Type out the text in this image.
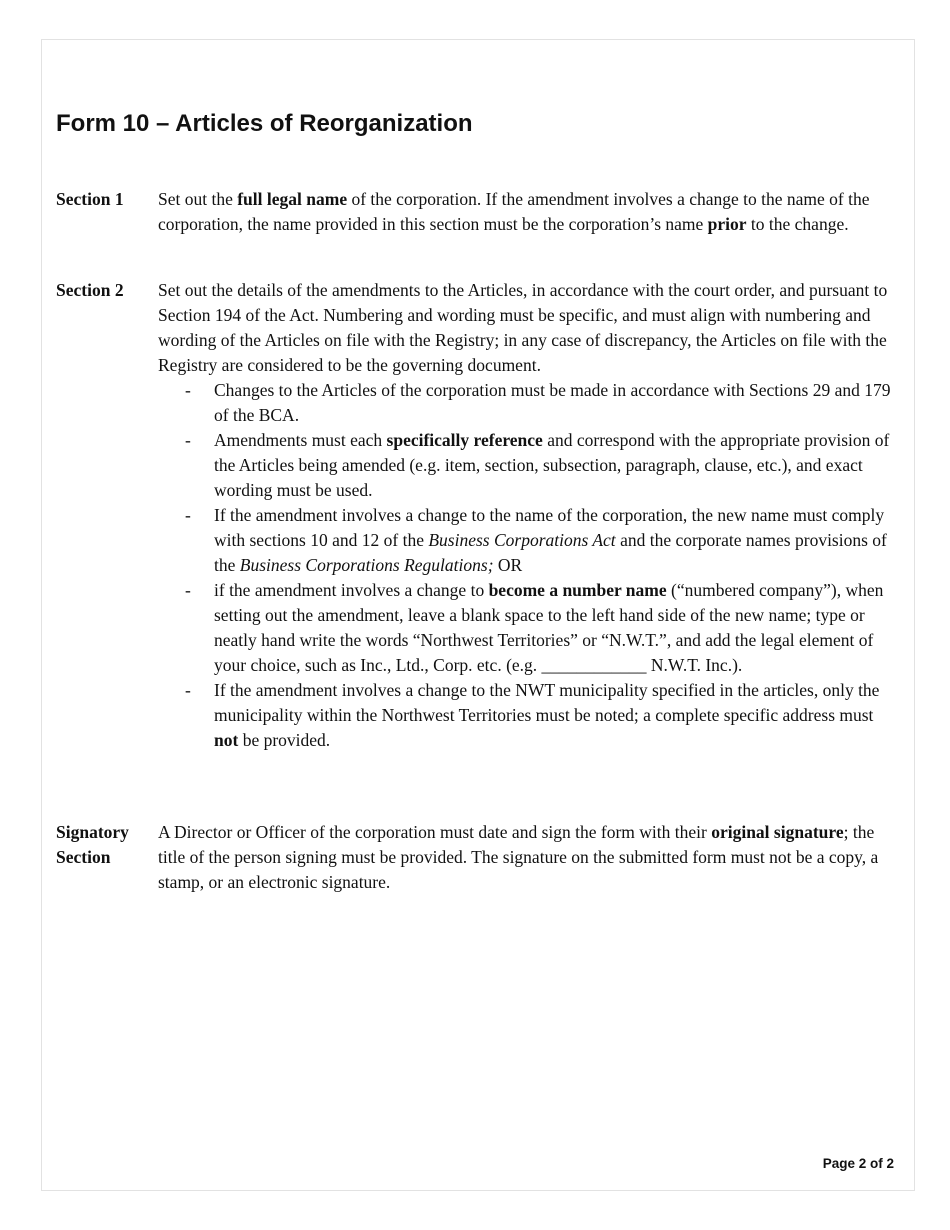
Form 10 – Articles of Reorganization
Section 1	Set out the full legal name of the corporation. If the amendment involves a change to the name of the corporation, the name provided in this section must be the corporation’s name prior to the change.

Section 2	Set out the details of the amendments to the Articles, in accordance with the court order, and pursuant to Section 194 of the Act. Numbering and wording must be specific, and must align with numbering and wording of the Articles on file with the Registry; in any case of discrepancy, the Articles on file with the Registry are considered to be the governing document.

- Changes to the Articles of the corporation must be made in accordance with Sections 29 and 179 of the BCA.
- Amendments must each specifically reference and correspond with the appropriate provision of the Articles being amended (e.g. item, section, subsection, paragraph, clause, etc.), and exact wording must be used.
- If the amendment involves a change to the name of the corporation, the new name must comply with sections 10 and 12 of the Business Corporations Act and the corporate names provisions of the Business Corporations Regulations; OR
- if the amendment involves a change to become a number name (“numbered company”), when setting out the amendment, leave a blank space to the left hand side of the new name; type or neatly hand write the words “Northwest Territories” or “N.W.T.”, and add the legal element of your choice, such as Inc., Ltd., Corp. etc. (e.g. ____________ N.W.T. Inc.).
- If the amendment involves a change to the NWT municipality specified in the articles, only the municipality within the Northwest Territories must be noted; a complete specific address must not be provided.
Signatory
Section

A Director or Officer of the corporation must date and sign the form with their original signature; the title of the person signing must be provided. The signature on the submitted form must not be a copy, a stamp, or an electronic signature.

Page 2 of 2
